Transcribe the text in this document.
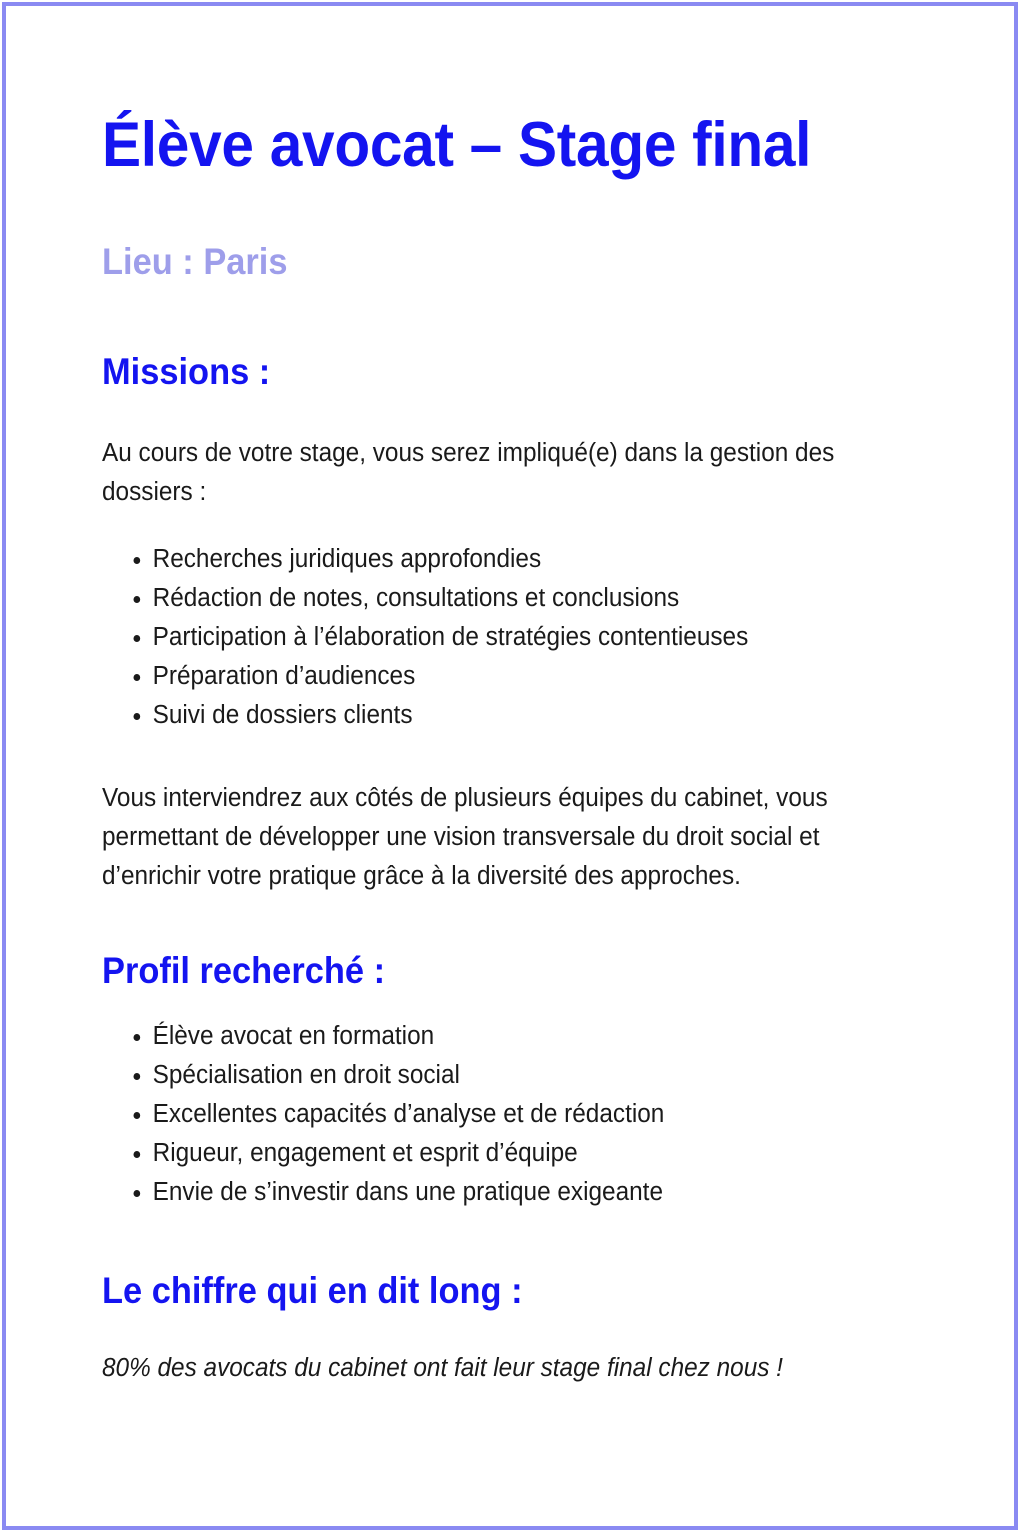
Élève avocat – Stage final

Lieu : Paris

Missions :

Au cours de votre stage, vous serez impliqué(e) dans la gestion des dossiers :

Recherches juridiques approfondies
Rédaction de notes, consultations et conclusions
Participation à l’élaboration de stratégies contentieuses
Préparation d’audiences
Suivi de dossiers clients

Vous interviendrez aux côtés de plusieurs équipes du cabinet, vous permettant de développer une vision transversale du droit social et d’enrichir votre pratique grâce à la diversité des approches.

Profil recherché :
Élève avocat en formation
Spécialisation en droit social
Excellentes capacités d’analyse et de rédaction
Rigueur, engagement et esprit d’équipe
Envie de s’investir dans une pratique exigeante
Le chiffre qui en dit long :

80% des avocats du cabinet ont fait leur stage final chez nous !
